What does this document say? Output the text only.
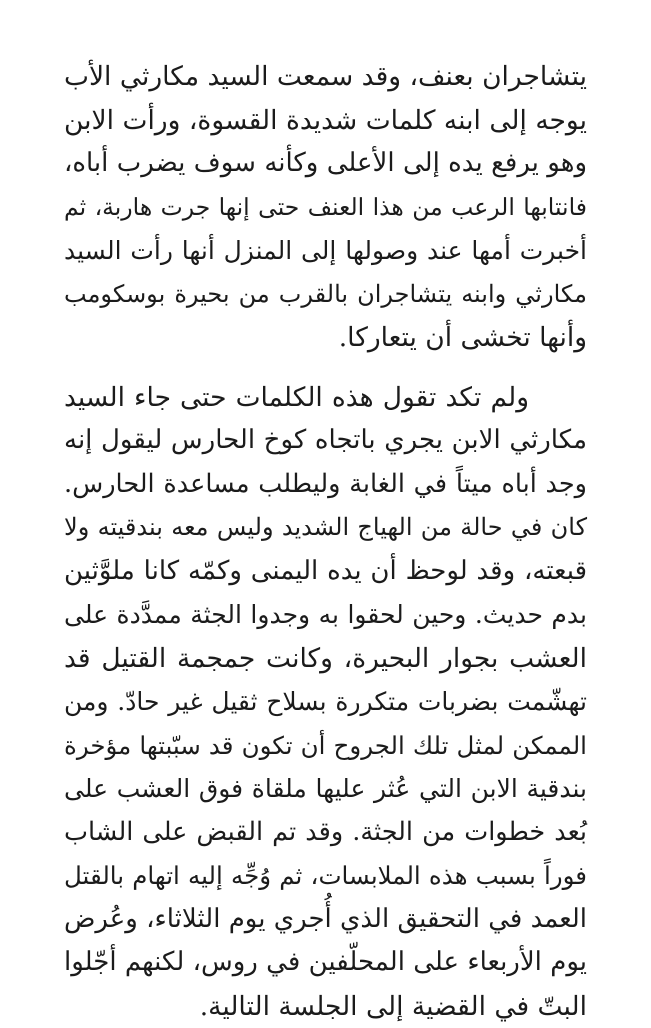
يتشاجران بعنف، وقد سمعت السيد مكارثي الأب
يوجه إلى ابنه كلمات شديدة القسوة، ورأت الابن
وهو يرفع يده إلى الأعلى وكأنه سوف يضرب أباه،
فانتابها الرعب من هذا العنف حتى إنها جرت هاربة، ثم
أخبرت أمها عند وصولها إلى المنزل أنها رأت السيد
مكارثي وابنه يتشاجران بالقرب من بحيرة بوسكومب
وأنها تخشى أن يتعاركا.

ولم تكد تقول هذه الكلمات حتى جاء السيد
مكارثي الابن يجري باتجاه كوخ الحارس ليقول إنه
وجد أباه ميتاً في الغابة وليطلب مساعدة الحارس.
كان في حالة من الهياج الشديد وليس معه بندقيته ولا
قبعته، وقد لوحظ أن يده اليمنى وكمّه كانا ملوَّثين
بدم حديث. وحين لحقوا به وجدوا الجثة ممدَّدة على
العشب بجوار البحيرة، وكانت جمجمة القتيل قد
تهشّمت بضربات متكررة بسلاح ثقيل غير حادّ. ومن
الممكن لمثل تلك الجروح أن تكون قد سبّبتها مؤخرة
بندقية الابن التي عُثر عليها ملقاة فوق العشب على
بُعد خطوات من الجثة. وقد تم القبض على الشاب
فوراً بسبب هذه الملابسات، ثم وُجِّه إليه اتهام بالقتل
العمد في التحقيق الذي أُجري يوم الثلاثاء، وعُرض
يوم الأربعاء على المحلّفين في روس، لكنهم أجّلوا
البتّ في القضية إلى الجلسة التالية.
